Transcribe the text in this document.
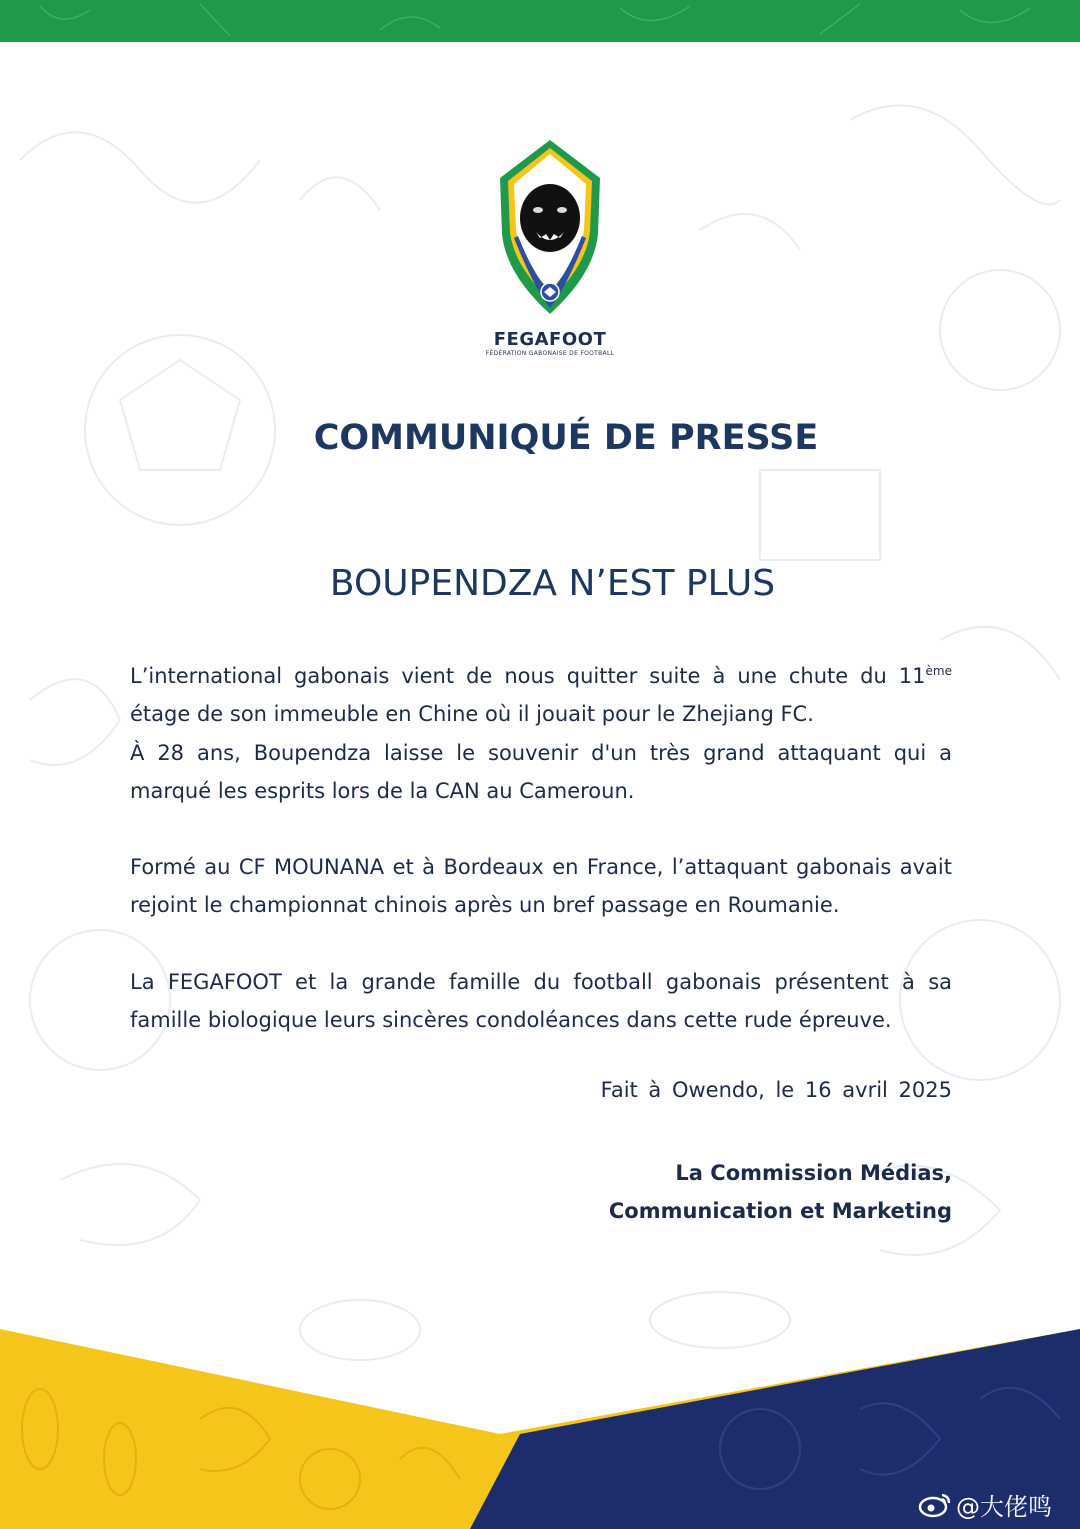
FEGAFOOT
FÉDÉRATION GABONAISE DE FOOTBALL
COMMUNIQUÉ DE PRESSE
BOUPENDZA N’EST PLUS
L’international gabonais vient de nous quitter suite à une chute du 11ème étage de son immeuble en Chine où il jouait pour le Zhejiang FC.
À 28 ans, Boupendza laisse le souvenir d'un très grand attaquant qui a marqué les esprits lors de la CAN au Cameroun.
Formé au CF MOUNANA et à Bordeaux en France, l’attaquant gabonais avait rejoint le championnat chinois après un bref passage en Roumanie.
La FEGAFOOT et la grande famille du football gabonais présentent à sa famille biologique leurs sincères condoléances dans cette rude épreuve.
Fait à Owendo, le 16 avril 2025
La Commission Médias,
Communication et Marketing
@大佬鸣
